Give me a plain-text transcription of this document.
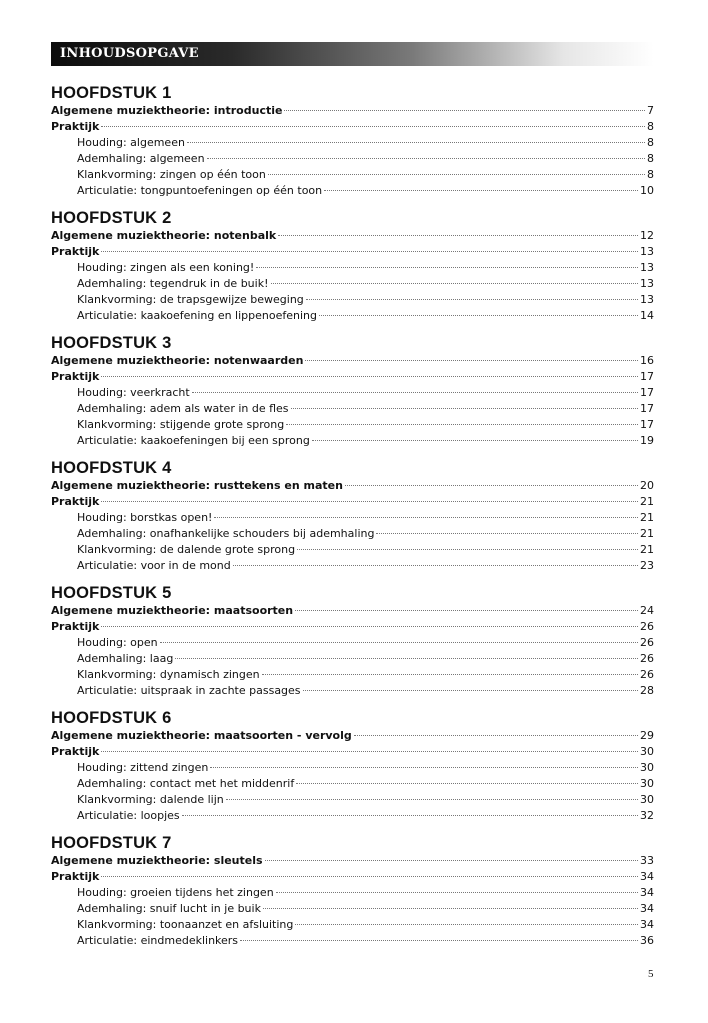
INHOUDSOPGAVE
HOOFDSTUK 1
Algemene muziektheorie: introductie	7
Praktijk	8
Houding: algemeen	8
Ademhaling: algemeen	8
Klankvorming: zingen op één toon	8
Articulatie: tongpuntoefeningen op één toon	10
HOOFDSTUK 2
Algemene muziektheorie: notenbalk	12
Praktijk	13
Houding: zingen als een koning!	13
Ademhaling: tegendruk in de buik!	13
Klankvorming: de trapsgewijze beweging	13
Articulatie: kaakoefening en lippenoefening	14
HOOFDSTUK 3
Algemene muziektheorie: notenwaarden	16
Praktijk	17
Houding: veerkracht	17
Ademhaling: adem als water in de fles	17
Klankvorming: stijgende grote sprong	17
Articulatie: kaakoefeningen bij een sprong	19
HOOFDSTUK 4
Algemene muziektheorie: rusttekens en maten	20
Praktijk	21
Houding: borstkas open!	21
Ademhaling: onafhankelijke schouders bij ademhaling	21
Klankvorming: de dalende grote sprong	21
Articulatie: voor in de mond	23
HOOFDSTUK 5
Algemene muziektheorie: maatsoorten	24
Praktijk	26
Houding: open	26
Ademhaling: laag	26
Klankvorming: dynamisch zingen	26
Articulatie: uitspraak in zachte passages	28
HOOFDSTUK 6
Algemene muziektheorie: maatsoorten - vervolg	29
Praktijk	30
Houding: zittend zingen	30
Ademhaling: contact met het middenrif	30
Klankvorming: dalende lijn	30
Articulatie: loopjes	32
HOOFDSTUK 7
Algemene muziektheorie: sleutels	33
Praktijk	34
Houding: groeien tijdens het zingen	34
Ademhaling: snuif lucht in je buik	34
Klankvorming: toonaanzet en afsluiting	34
Articulatie: eindmedeklinkers	36
5
